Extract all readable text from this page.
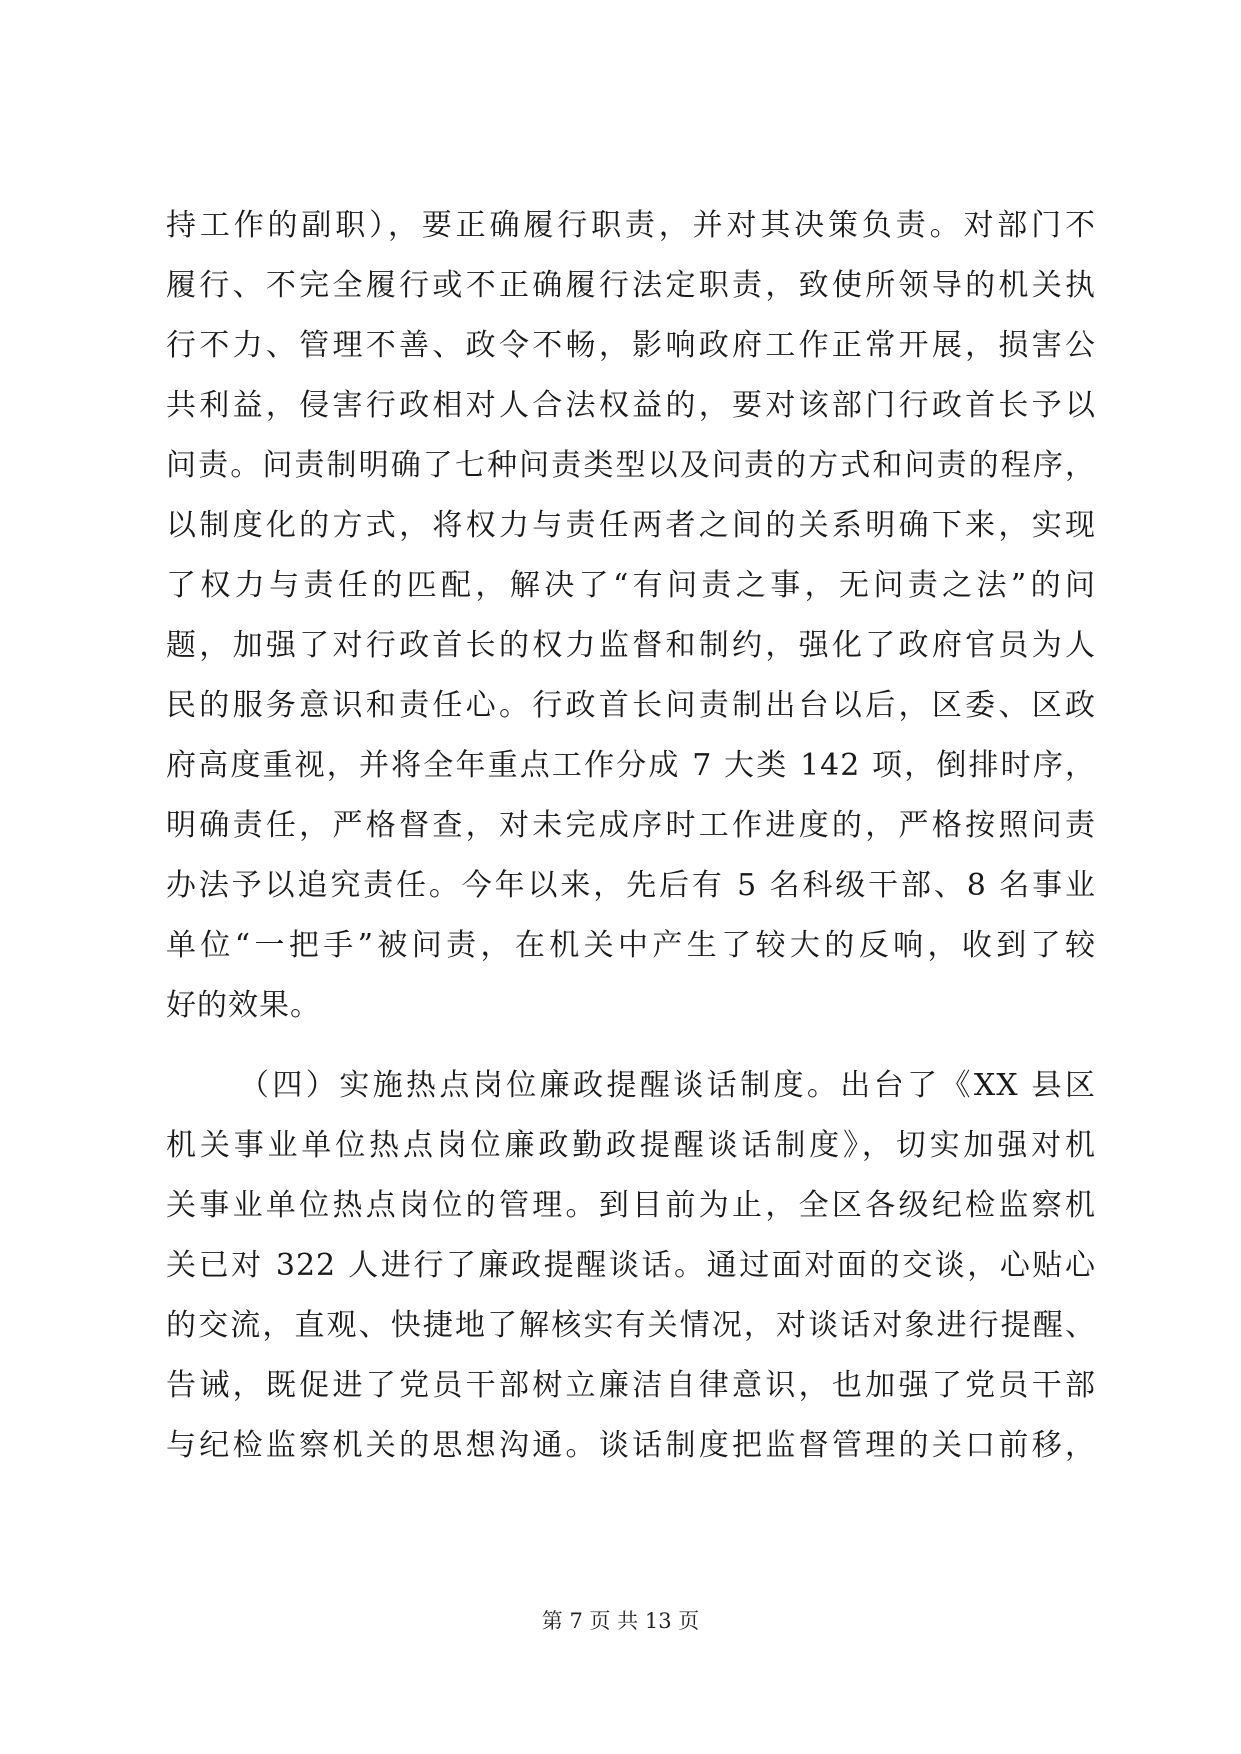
持工作的副职），要正确履行职责，并对其决策负责。对部门不
履行、不完全履行或不正确履行法定职责，致使所领导的机关执
行不力、管理不善、政令不畅，影响政府工作正常开展，损害公
共利益，侵害行政相对人合法权益的，要对该部门行政首长予以
问责。问责制明确了七种问责类型以及问责的方式和问责的程序，
以制度化的方式，将权力与责任两者之间的关系明确下来，实现
了权力与责任的匹配，解决了“有问责之事，无问责之法”的问
题，加强了对行政首长的权力监督和制约，强化了政府官员为人
民的服务意识和责任心。行政首长问责制出台以后，区委、区政
府高度重视，并将全年重点工作分成 7 大类 142 项，倒排时序，
明确责任，严格督查，对未完成序时工作进度的，严格按照问责
办法予以追究责任。今年以来，先后有 5 名科级干部、8 名事业
单位“一把手”被问责，在机关中产生了较大的反响，收到了较
好的效果。
（四）实施热点岗位廉政提醒谈话制度。出台了《XX 县区
机关事业单位热点岗位廉政勤政提醒谈话制度》，切实加强对机
关事业单位热点岗位的管理。到目前为止，全区各级纪检监察机
关已对 322 人进行了廉政提醒谈话。通过面对面的交谈，心贴心
的交流，直观、快捷地了解核实有关情况，对谈话对象进行提醒、
告诫，既促进了党员干部树立廉洁自律意识，也加强了党员干部
与纪检监察机关的思想沟通。谈话制度把监督管理的关口前移，
第 7 页 共 13 页
